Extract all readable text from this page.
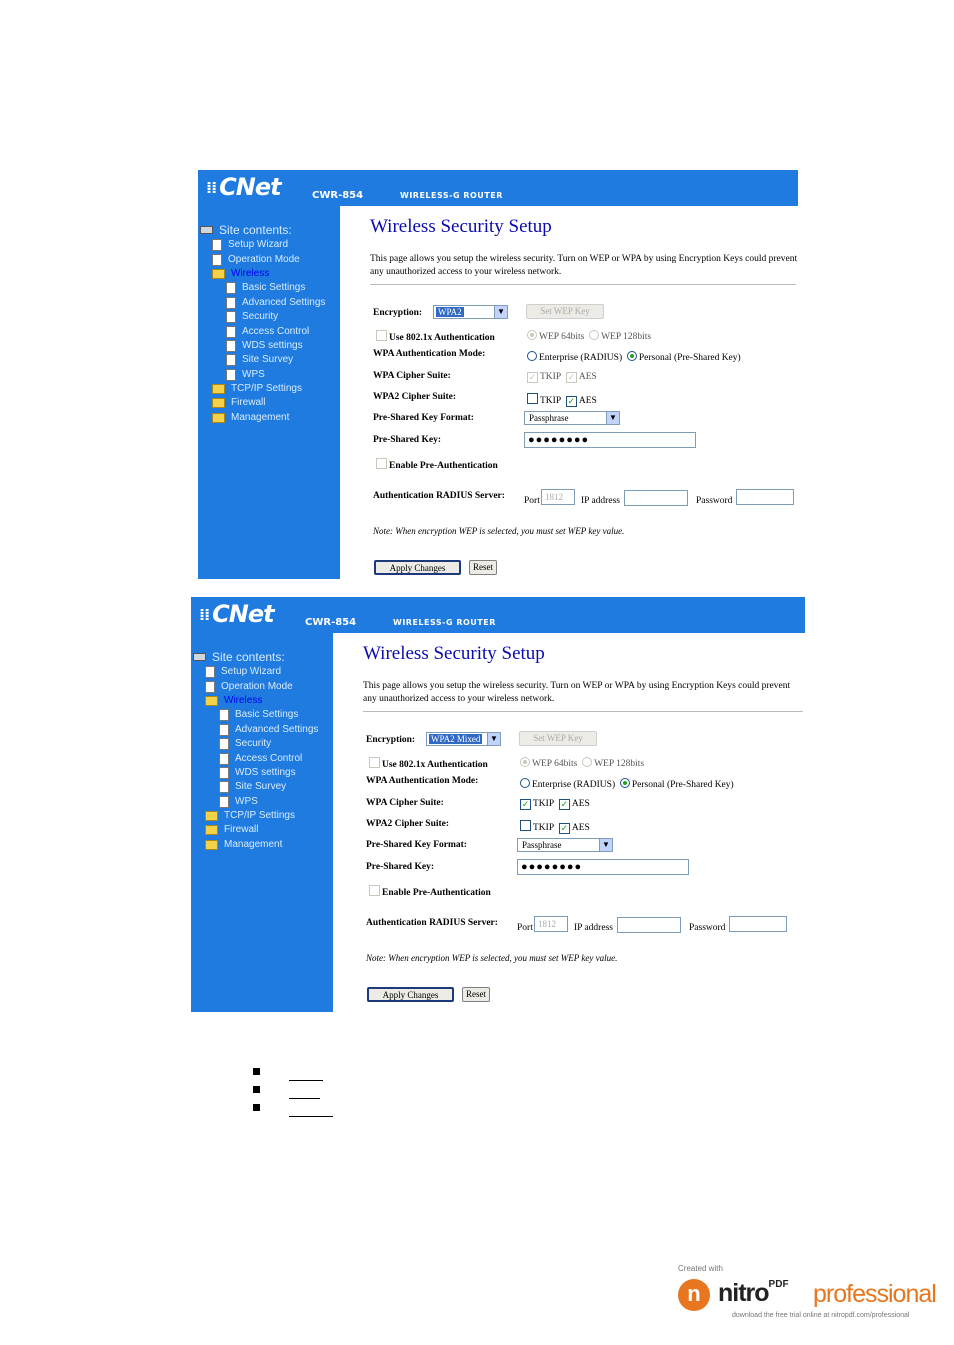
⁞⁞ CNet	CWR-854	WIRELESS-G ROUTER
Site contents:
Setup Wizard
Operation Mode
Wireless
Basic Settings
Advanced Settings
Security
Access Control
WDS settings
Site Survey
WPS
TCP/IP Settings
Firewall
Management
Wireless Security Setup
This page allows you setup the wireless security. Turn on WEP or WPA by using Encryption Keys could prevent any unauthorized access to your wireless network.
Encryption:	WPA2	▼	Set WEP Key
Use 802.1x Authentication	WEP 64bits WEP 128bits
WPA Authentication Mode:	Enterprise (RADIUS) Personal (Pre-Shared Key)
WPA Cipher Suite:	✓ TKIP ✓ AES
WPA2 Cipher Suite:	TKIP ✓ AES
Pre-Shared Key Format:	Passphrase	▼
Pre-Shared Key:	●●●●●●●●
Enable Pre-Authentication
Authentication RADIUS Server: Port 1812	IP address	Password
Note: When encryption WEP is selected, you must set WEP key value.
Apply Changes	Reset
⁞⁞ CNet	CWR-854	WIRELESS-G ROUTER
Site contents:
Setup Wizard
Operation Mode
Wireless
Basic Settings
Advanced Settings
Security
Access Control
WDS settings
Site Survey
WPS
TCP/IP Settings
Firewall
Management
Wireless Security Setup
This page allows you setup the wireless security. Turn on WEP or WPA by using Encryption Keys could prevent any unauthorized access to your wireless network.
Encryption:	WPA2 Mixed	▼	Set WEP Key
Use 802.1x Authentication	WEP 64bits WEP 128bits
WPA Authentication Mode:	Enterprise (RADIUS) Personal (Pre-Shared Key)
WPA Cipher Suite:	✓ TKIP ✓ AES
WPA2 Cipher Suite:	TKIP ✓ AES
Pre-Shared Key Format:	Passphrase	▼
Pre-Shared Key:	●●●●●●●●
Enable Pre-Authentication
Authentication RADIUS Server: Port 1812	IP address	Password
Note: When encryption WEP is selected, you must set WEP key value.
Apply Changes	Reset
Created with
n nitro$^{PDF}$ professional
download the free trial online at nitropdf.com/professional
